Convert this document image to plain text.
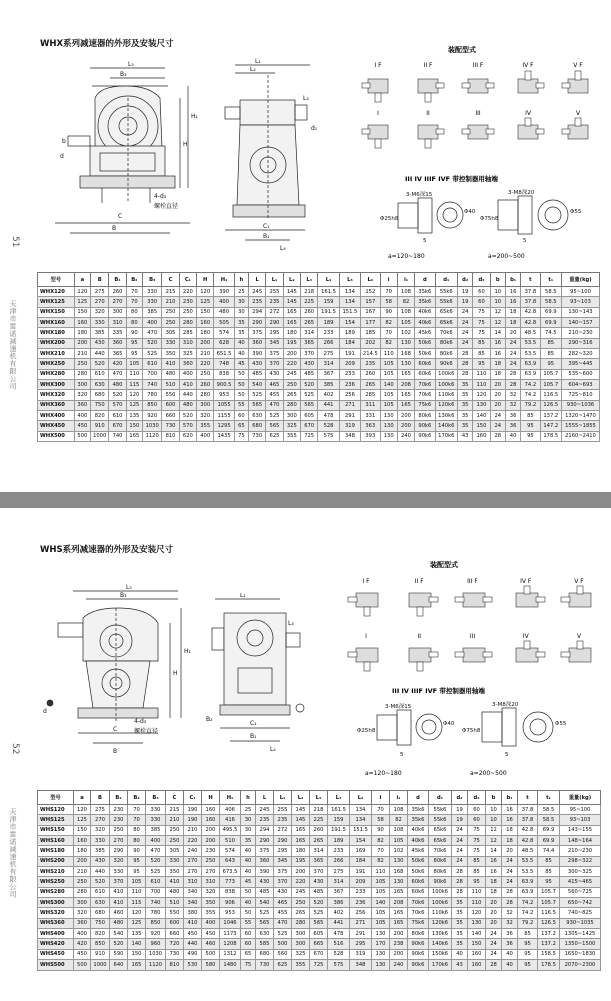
WHX系列减速器的外形及安装尺寸
51
天津市雷诺减速机有限公司
L₅
B₃
H
H₁
C
B
d
b
4-d₃
螺栓直径
L₁
L₂
L₃
d₁
C₁
B₁
L₄
装配型式
I F	II F	III F	IV F	V F
I	II	III	IV	V
III IV IIIF IVF 带控制器用轴端
3-M6深15
Φ40
Φ25h8
5
3-M8深20
Φ55
Φ75h8
5
a=120~180	a=200~500
型号	a	B	B₁	B₂	B₃	C	C₁	H	H₁	h	L	L₁	L₂	L₃	L₄	L₅	L₆	i	i₁	d	d₁	d₂	d₃	b	b₁	t	t₁	重量(kg)
WHX120	120	275	260	70	330	215	220	120	390	25	245	255	145	218	161.5	134	152	70	108	35k6	55k6	19	60	10	16	37.8	58.5	95~100
WHX125	125	270	270	70	330	210	230	125	400	30	235	235	145	225	159	134	157	58	82	35k6	55k6	19	60	10	16	37.8	58.5	93~103
WHX150	150	320	300	80	385	250	250	150	480	30	294	272	165	260	191.5	151.5	167	90	108	40k6	65k6	24	75	12	18	42.8	69.9	130~143
WHX160	160	330	310	80	400	250	280	160	505	35	290	290	165	265	189	154	177	82	105	40k6	65k6	24	75	12	18	42.8	69.9	140~157
WHX180	180	385	335	90	470	305	285	180	574	35	375	295	180	314	233	189	185	70	102	45k6	70k6	24	75	14	20	48.5	74.5	210~230
WHX200	200	430	360	95	520	330	310	200	628	40	360	345	195	365	266	184	202	82	130	50k6	80k6	24	85	16	24	53.5	85	290~316
WHX210	210	440	365	95	525	350	325	210	651.5	40	390	375	200	370	275	191	214.5	110	168	50k6	80k6	28	85	16	24	53.5	85	282~320
WHX250	250	520	420	105	610	410	360	220	748	45	430	370	220	430	314	209	235	105	130	60k6	90k6	28	95	18	24	63.9	95	395~445
WHX280	280	610	470	110	700	480	400	250	838	50	485	430	245	485	367	233	260	105	165	60k6	100k6	28	110	18	28	63.9	105.7	535~600
WHX300	300	630	480	115	740	510	410	260	900.5	50	540	465	250	520	385	236	265	140	208	70k6	100k6	35	110	20	28	74.2	105.7	604~693
WHX320	320	680	520	120	780	550	440	280	953	50	525	455	265	525	402	256	285	105	165	70k6	110k6	35	120	20	32	74.2	116.5	725~810
WHX360	360	750	570	125	850	600	480	300	1055	55	565	470	280	565	441	271	311	105	165	75k6	120k6	35	130	20	32	79.2	126.5	930~1036
WHX400	400	820	610	135	920	660	520	320	1155	60	630	525	300	605	478	291	331	130	200	80k6	130k6	35	140	24	36	85	137.2	1320~1470
WHX450	450	910	670	150	1030	730	570	355	1295	65	680	565	325	670	528	319	363	130	200	90k6	140k6	35	150	24	36	95	147.2	1555~1855
WHX500	500	1000	740	165	1120	810	620	400	1435	75	730	625	355	725	575	348	393	130	240	90k6	170k6	43	160	28	40	95	178.5	2160~2410
WHS系列减速器的外形及安装尺寸
52
天津市雷诺减速机有限公司
L₅
B₃
H
H₁
C
B
d
4-d₃
螺栓直径
L₁
L₃
C₁
B₁
B₂
L₄
装配型式
I F	II F	III F	IV F	V F
I	II	III	IV	V
III IV IIIF IVF 带控制器用轴端
3-M6深15
Φ40
Φ25h8
5
3-M8深20
Φ55
Φ75h8
5
a=120~180	a=200~500
型号	a	B	B₁	B₂	B₃	C	C₁	H	H₁	h	L	L₁	L₂	L₃	L₄	L₅	i	i₁	d	d₁	d₂	d₃	b	b₁	t	t₁	重量(kg)
WHS120	120	275	230	70	330	215	190	160	406	25	245	255	145	218	161.5	134	70	108	35k6	55k6	19	60	10	16	37.8	58.5	95~100
WHS125	125	270	230	70	330	210	190	160	416	30	235	235	145	225	159	134	58	82	35k6	55k6	19	60	10	16	37.8	58.5	93~103
WHS150	150	320	250	80	385	250	210	200	495.5	30	294	272	165	260	191.5	151.5	90	108	40k6	65k6	24	75	12	18	42.8	69.9	143~155
WHS160	160	330	270	80	400	250	220	200	510	35	290	290	165	265	189	154	82	105	40k6	65k6	24	75	12	18	42.8	69.9	148~164
WHS180	180	385	290	90	470	305	240	230	574	40	375	295	180	314	233	169	70	102	45k6	70k6	24	75	14	20	48.5	74.4	210~230
WHS200	200	430	320	95	520	330	270	250	643	40	360	345	195	365	266	184	82	130	50k6	80k6	24	85	16	24	53.5	85	298~322
WHS210	210	440	330	95	525	350	270	270	673.5	40	390	375	200	370	275	191	110	168	50k6	80k6	28	85	16	24	53.5	85	300~325
WHS250	250	520	370	105	610	410	310	310	773	45	430	370	220	430	314	209	105	130	60k6	90k6	28	95	18	24	63.9	95	415~465
WHS280	280	610	410	110	700	480	340	320	838	50	485	430	245	485	367	233	105	165	60k6	100k6	28	110	18	28	63.9	105.7	560~725
WHS300	300	630	410	115	740	510	340	350	906	40	540	465	250	520	386	236	140	208	70k6	100k6	35	110	20	28	74.2	105.7	650~742
WHS320	320	680	460	120	780	550	380	355	953	50	525	455	265	525	402	256	105	165	70k6	110k6	35	120	20	32	74.2	116.5	740~825
WHS360	360	750	480	125	850	600	410	400	1046	55	565	470	280	565	441	271	105	165	75k6	120k6	35	130	20	32	79.2	126.5	930~1035
WHS400	400	820	540	135	920	660	450	450	1173	60	630	525	300	605	478	291	130	200	80k6	130k6	35	140	24	36	85	137.2	1305~1425
WHS420	420	850	520	140	960	720	440	460	1208	60	585	500	300	665	516	295	170	238	90k6	140k6	35	150	24	36	95	137.2	1350~1500
WHS450	450	910	590	150	1030	730	490	500	1312	65	680	560	325	670	528	319	130	200	90k6	150k6	40	160	24	40	95	158.5	1650~1830
WHS500	500	1000	640	165	1120	810	530	580	1480	75	730	625	355	725	575	348	130	240	90k6	170k6	43	160	28	40	95	178.5	2070~2300
